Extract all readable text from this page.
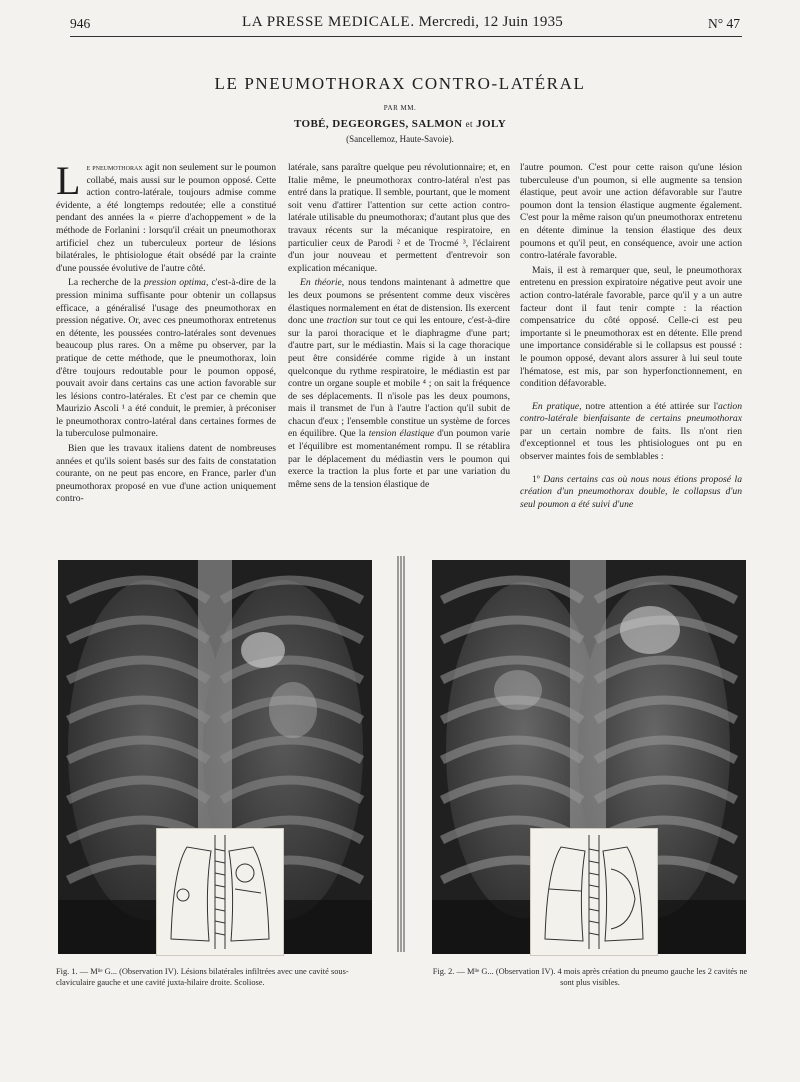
946	LA PRESSE MEDICALE. Mercredi, 12 Juin 1935	N° 47
LE PNEUMOTHORAX CONTRO-LATÉRAL
PAR MM.
TOBÉ, DEGEORGES, SALMON et JOLY
(Sancellemoz, Haute-Savoie).

Le pneumothorax agit non seulement sur le poumon collabé, mais aussi sur le poumon opposé. Cette action contro-latérale, toujours admise comme évidente, a été longtemps redoutée; elle a constitué pendant des années la « pierre d'achoppement » de la méthode de Forlanini : lorsqu'il créait un pneumothorax artificiel chez un tuberculeux porteur de lésions bilatérales, le phtisiologue était obsédé par la crainte d'une poussée évolutive de l'autre côté.

La recherche de la pression optima, c'est-à-dire de la pression minima suffisante pour obtenir un collapsus efficace, a généralisé l'usage des pneumothorax en pression négative. Or, avec ces pneumothorax entretenus en détente, les poussées contro-latérales sont devenues beaucoup plus rares. On a même pu observer, par la pratique de cette méthode, que le pneumothorax, loin d'être toujours redoutable pour le poumon opposé, pouvait avoir dans certains cas une action favorable sur les lésions contro-latérales. Et c'est par ce chemin que Maurizio Ascoli ¹ a été conduit, le premier, à préconiser le pneumothorax contro-latéral dans certaines formes de la tuberculose pulmonaire.

Bien que les travaux italiens datent de nombreuses années et qu'ils soient basés sur des faits de constatation courante, on ne peut pas encore, en France, parler d'un pneumothorax proposé en vue d'une action uniquement contro-

latérale, sans paraître quelque peu révolutionnaire; et, en Italie même, le pneumothorax contro-latéral n'est pas entré dans la pratique. Il semble, pourtant, que le moment soit venu d'attirer l'attention sur cette action contro-latérale utilisable du pneumothorax; d'autant plus que des travaux récents sur la mécanique respiratoire, en particulier ceux de Parodi ² et de Trocmé ³, l'éclairent d'un jour nouveau et permettent d'entrevoir son explication mécanique.

En théorie, nous tendons maintenant à admettre que les deux poumons se présentent comme deux viscères élastiques normalement en état de distension. Ils exercent donc une traction sur tout ce qui les entoure, c'est-à-dire sur la paroi thoracique et le diaphragme d'une part; d'autre part, sur le médiastin. Mais si la cage thoracique peut être considérée comme rigide à un instant quelconque du rythme respiratoire, le médiastin est par contre un organe souple et mobile ⁴ ; on sait la fréquence de ses déplacements. Il n'isole pas les deux poumons, mais il transmet de l'un à l'autre l'action qu'il subit de chacun d'eux ; l'ensemble constitue un système de forces en équilibre. Que la tension élastique d'un poumon varie et l'équilibre est momentanément rompu. Il se rétablira par le déplacement du médiastin vers le poumon qui exerce la traction la plus forte et par une variation du même sens de la tension élastique de

l'autre poumon. C'est pour cette raison qu'une lésion tuberculeuse d'un poumon, si elle augmente sa tension élastique, peut avoir une action défavorable sur l'autre poumon dont la tension élastique augmente également. C'est pour la même raison qu'un pneumothorax entretenu en détente diminue la tension élastique des deux poumons et qu'il peut, en conséquence, avoir une action contro-latérale favorable.

Mais, il est à remarquer que, seul, le pneumothorax entretenu en pression expiratoire négative peut avoir une action contro-latérale favorable, parce qu'il y a un autre facteur dont il faut tenir compte : la réaction compensatrice du côté opposé. Celle-ci est peu importante si le pneumothorax est en détente. Elle prend une importance considérable si le collapsus est poussé : le poumon opposé, devant alors assurer à lui seul toute l'hématose, est mis, par son hyperfonctionnement, en condition défavorable.

En pratique, notre attention a été attirée sur l'action contro-latérale bienfaisante de certains pneumothorax par un certain nombre de faits. Ils n'ont rien d'exceptionnel et tous les phtisiologues ont pu en observer maintes fois de semblables :

1º Dans certains cas où nous nous étions proposé la création d'un pneumothorax double, le collapsus d'un seul poumon a été suivi d'une

Fig. 1. — Mˡˡᵉ G... (Observation IV). Lésions bilatérales infiltrées avec une cavité sous-claviculaire gauche et une cavité juxta-hilaire droite. Scoliose.
Fig. 2. — Mˡˡᵉ G... (Observation IV). 4 mois après création du pneumo gauche les 2 cavités ne sont plus visibles.
